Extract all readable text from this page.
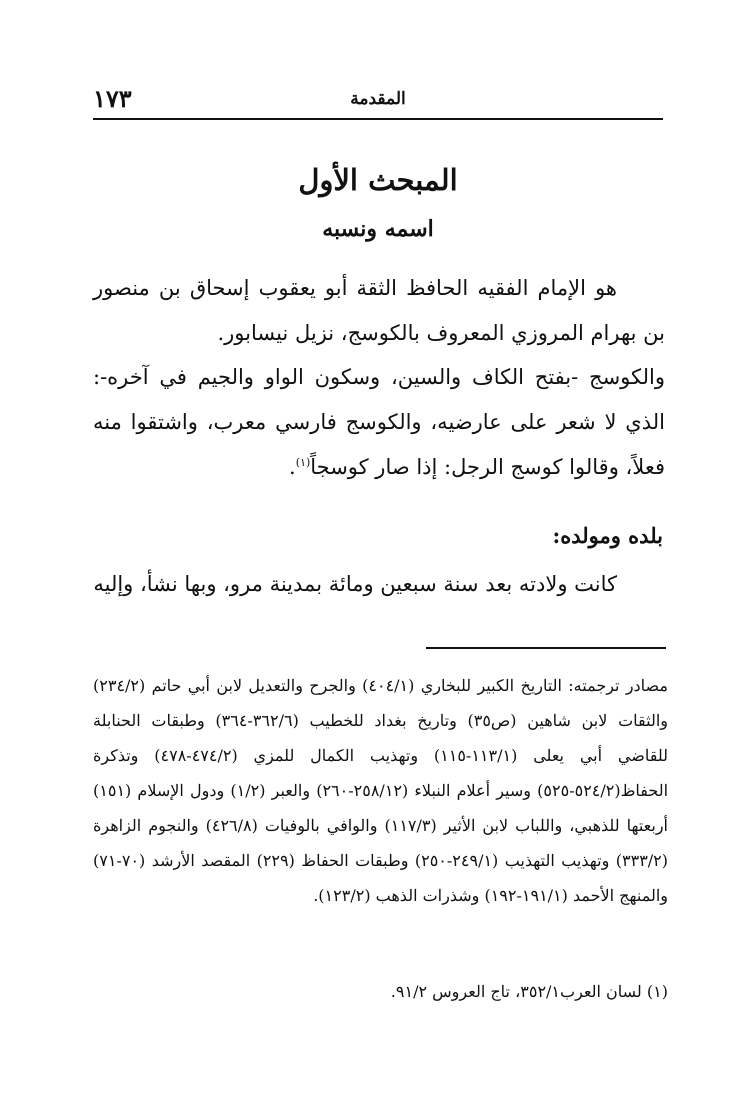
١٧٣	المقدمة
المبحث الأول
اسمه ونسبه

هو الإمام الفقيه الحافظ الثقة أبو يعقوب إسحاق بن منصور بن بهرام المروزي المعروف بالكوسج، نزيل نيسابور.

والكوسج -بفتح الكاف والسين، وسكون الواو والجيم في آخره-: الذي لا شعر على عارضيه، والكوسج فارسي معرب، واشتقوا منه فعلاً، وقالوا كوسج الرجل: إذا صار كوسجاً$^{(١)}$.

بلده ومولده:

كانت ولادته بعد سنة سبعين ومائة بمدينة مرو، وبها نشأ، وإليه

مصادر ترجمته: التاريخ الكبير للبخاري (٤٠٤/١) والجرح والتعديل لابن أبي حاتم (٢٣٤/٢) والثقات لابن شاهين (ص٣٥) وتاريخ بغداد للخطيب (٣٦٢/٦-٣٦٤) وطبقات الحنابلة للقاضي أبي يعلى (١١٣/١-١١٥) وتهذيب الكمال للمزي (٤٧٤/٢-٤٧٨) وتذكرة الحفاظ(٥٢٤/٢-٥٢٥) وسير أعلام النبلاء (٢٥٨/١٢-٢٦٠) والعبر (١/٢) ودول الإسلام (١٥١) أربعتها للذهبي، واللباب لابن الأثير (١١٧/٣) والوافي بالوفيات (٤٢٦/٨) والنجوم الزاهرة (٣٣٣/٢) وتهذيب التهذيب (٢٤٩/١-٢٥٠) وطبقات الحفاظ (٢٢٩) المقصد الأرشد (٧٠-٧١) والمنهج الأحمد (١٩١/١-١٩٢) وشذرات الذهب (١٢٣/٢).

(١) لسان العرب٣٥٢/١، تاج العروس ٩١/٢.
